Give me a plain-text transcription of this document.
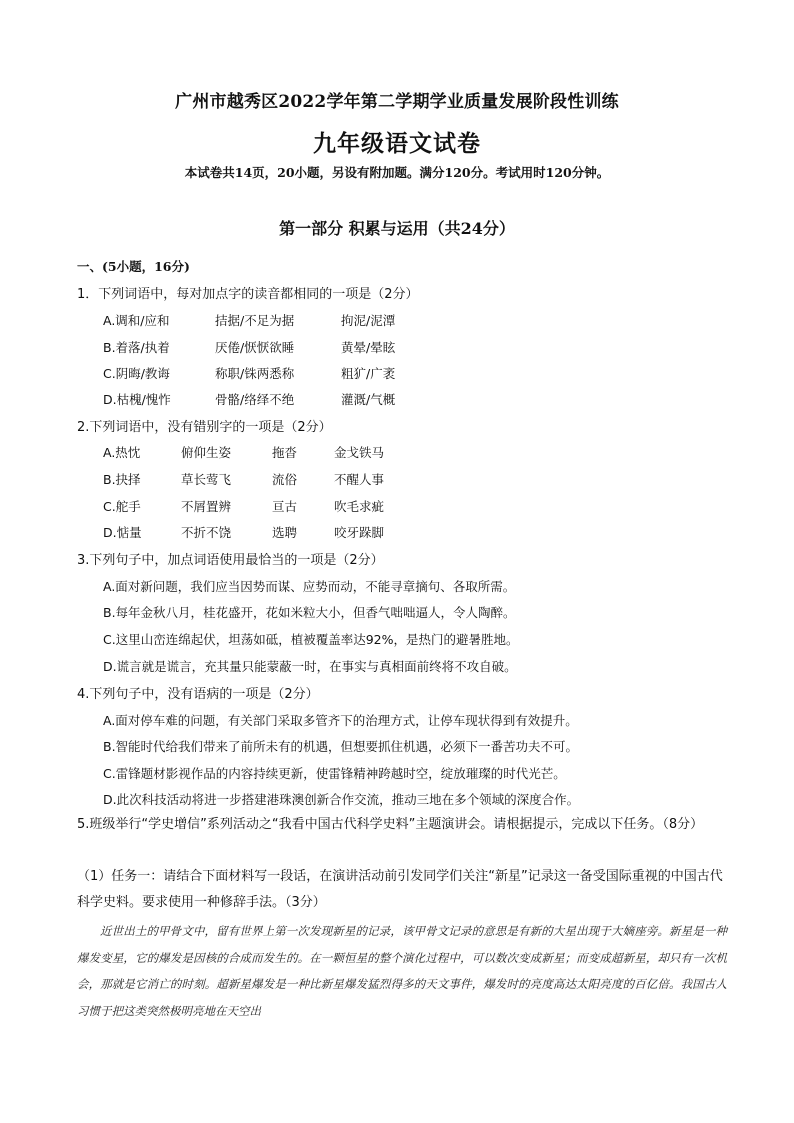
广州市越秀区2022学年第二学期学业质量发展阶段性训练
九年级语文试卷
本试卷共14页，20小题，另设有附加题。满分120分。考试用时120分钟。
第一部分 积累与运用（共24分）
一、(5小题，16分)
1．下列词语中，每对加点字的读音都相同的一项是（2分）
A.调和/应和	拮据/不足为据	拘泥/泥潭
B.着落/执着	厌倦/恹恹欲睡	黄晕/晕眩
C.阴晦/教诲	称职/铢两悉称	粗犷/广袤
D.枯槐/愧怍	骨骼/络绎不绝	灌溉/气概
2.下列词语中，没有错别字的一项是（2分）
A.热忱	俯仰生姿	拖沓	金戈铁马
B.抉择	草长莺飞	流俗	不醒人事
C.舵手	不屑置辨	亘古	吹毛求疵
D.惦量	不折不饶	选聘	咬牙跺脚
3.下列句子中，加点词语使用最恰当的一项是（2分）
A.面对新问题，我们应当因势而谋、应势而动，不能寻章摘句、各取所需。
B.每年金秋八月，桂花盛开，花如米粒大小，但香气咄咄逼人，令人陶醉。
C.这里山峦连绵起伏，坦荡如砥，植被覆盖率达92%，是热门的避暑胜地。
D.谎言就是谎言，充其量只能蒙蔽一时，在事实与真相面前终将不攻自破。
4.下列句子中，没有语病的一项是（2分）
A.面对停车难的问题，有关部门采取多管齐下的治理方式，让停车现状得到有效提升。
B.智能时代给我们带来了前所未有的机遇，但想要抓住机遇，必须下一番苦功夫不可。
C.雷锋题材影视作品的内容持续更新，使雷锋精神跨越时空，绽放璀璨的时代光芒。
D.此次科技活动将进一步搭建港珠澳创新合作交流，推动三地在多个领域的深度合作。
5.班级举行“学史增信”系列活动之“我看中国古代科学史料”主题演讲会。请根据提示，完成以下任务。（8分）
（1）任务一：请结合下面材料写一段话，在演讲活动前引发同学们关注“新星”记录这一备受国际重视的中国古代科学史料。要求使用一种修辞手法。（3分）
近世出土的甲骨文中，留有世界上第一次发现新星的记录，该甲骨文记录的意思是有新的大星出现于大嫡座旁。新星是一种爆发变星，它的爆发是因核的合成而发生的。在一颗恒星的整个演化过程中，可以数次变成新星；而变成超新星，却只有一次机会，那就是它消亡的时刻。超新星爆发是一种比新星爆发猛烈得多的天文事件，爆发时的亮度高达太阳亮度的百亿倍。我国古人习惯于把这类突然极明亮地在天空出
